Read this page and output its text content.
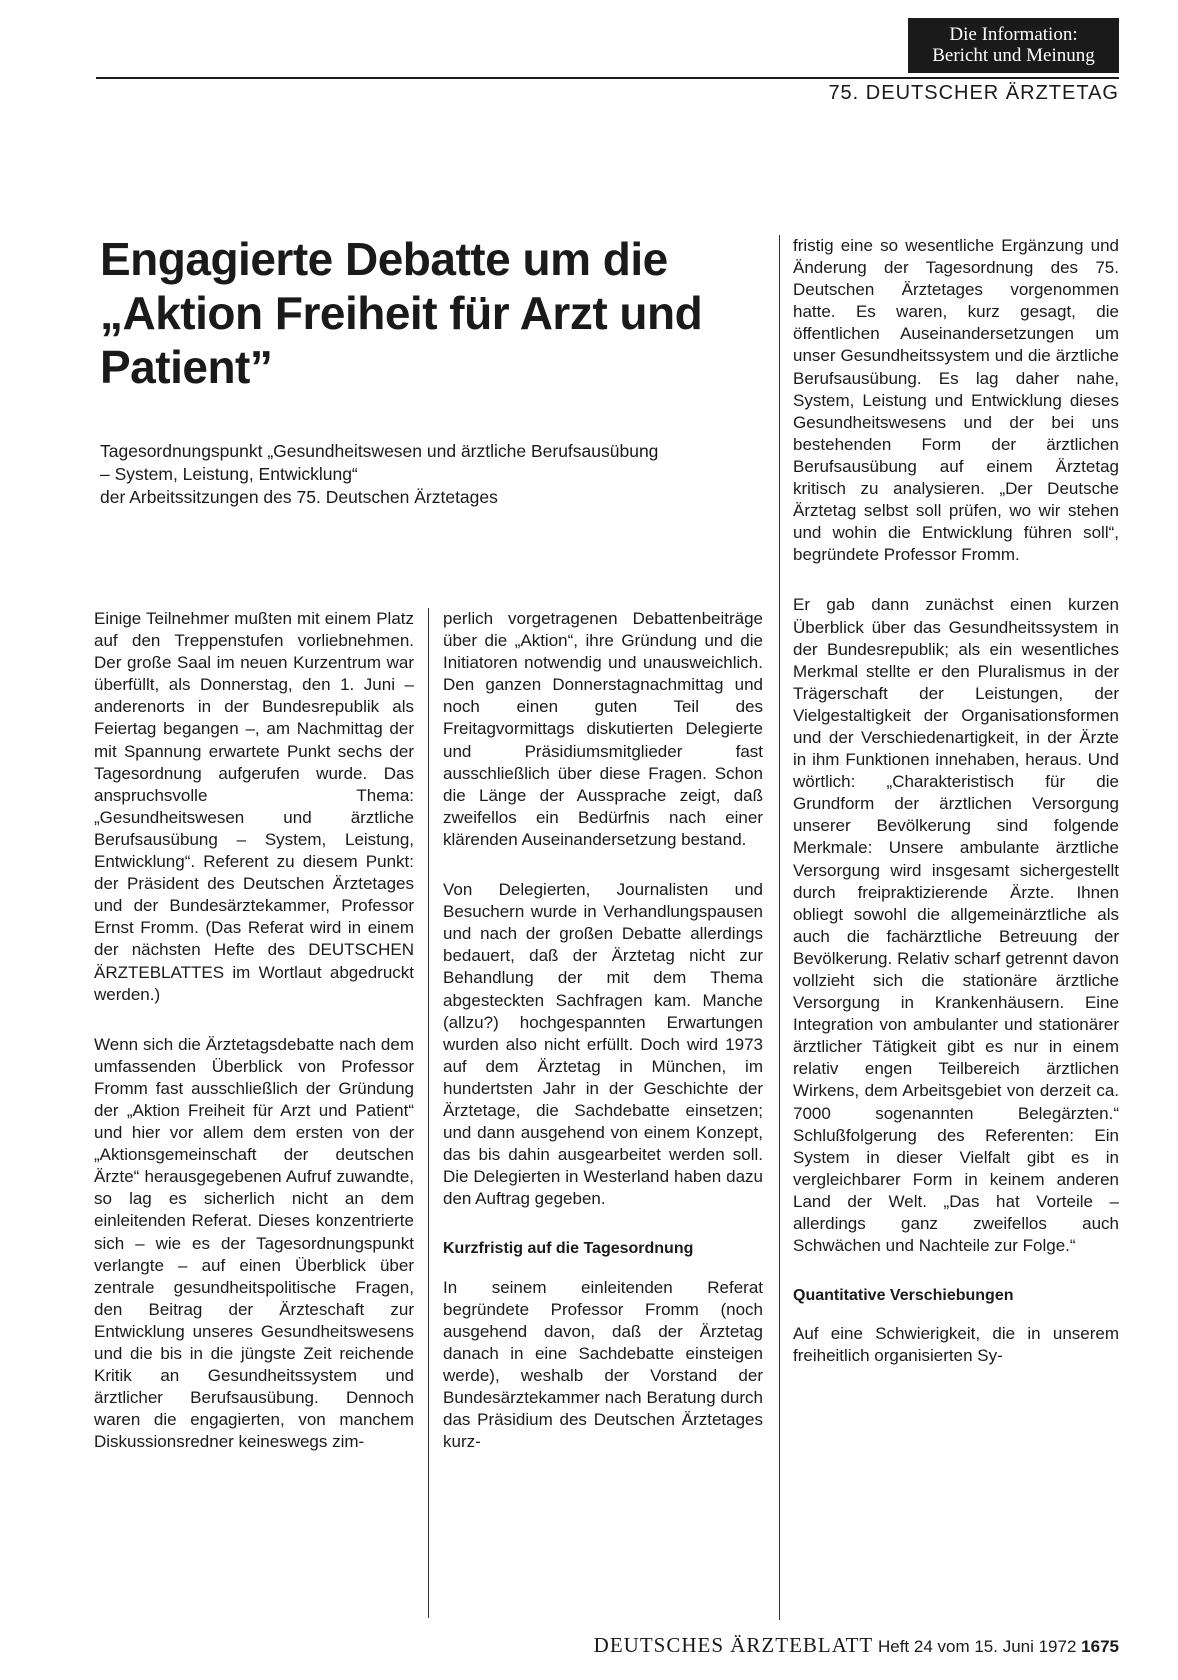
Die Information:
Bericht und Meinung
75. DEUTSCHER ÄRZTETAG
Engagierte Debatte um die „Aktion Freiheit für Arzt und Patient”
Tagesordnungspunkt „Gesundheitswesen und ärztliche Berufsausübung
– System, Leistung, Entwicklung“
der Arbeitssitzungen des 75. Deutschen Ärztetages

Einige Teilnehmer mußten mit einem Platz auf den Treppenstufen vorliebnehmen. Der große Saal im neuen Kurzentrum war überfüllt, als Donnerstag, den 1. Juni – anderenorts in der Bundesrepublik als Feiertag begangen –, am Nachmittag der mit Spannung erwartete Punkt sechs der Tagesordnung aufgerufen wurde. Das anspruchsvolle Thema: „Gesundheitswesen und ärztliche Berufsausübung – System, Leistung, Entwicklung“. Referent zu diesem Punkt: der Präsident des Deutschen Ärztetages und der Bundesärztekammer, Professor Ernst Fromm. (Das Referat wird in einem der nächsten Hefte des DEUTSCHEN ÄRZTEBLATTES im Wortlaut abgedruckt werden.)

Wenn sich die Ärztetagsdebatte nach dem umfassenden Überblick von Professor Fromm fast ausschließlich der Gründung der „Aktion Freiheit für Arzt und Patient“ und hier vor allem dem ersten von der „Aktionsgemeinschaft der deutschen Ärzte“ herausgegebenen Aufruf zuwandte, so lag es sicherlich nicht an dem einleitenden Referat. Dieses konzentrierte sich – wie es der Tagesordnungspunkt verlangte – auf einen Überblick über zentrale gesundheitspolitische Fragen, den Beitrag der Ärzteschaft zur Entwicklung unseres Gesundheitswesens und die bis in die jüngste Zeit reichende Kritik an Gesundheitssystem und ärztlicher Berufsausübung. Dennoch waren die engagierten, von manchem Diskussionsredner keineswegs zim-

perlich vorgetragenen Debattenbeiträge über die „Aktion“, ihre Gründung und die Initiatoren notwendig und unausweichlich. Den ganzen Donnerstagnachmittag und noch einen guten Teil des Freitagvormittags diskutierten Delegierte und Präsidiumsmitglieder fast ausschließlich über diese Fragen. Schon die Länge der Aussprache zeigt, daß zweifellos ein Bedürfnis nach einer klärenden Auseinandersetzung bestand.

Von Delegierten, Journalisten und Besuchern wurde in Verhandlungspausen und nach der großen Debatte allerdings bedauert, daß der Ärztetag nicht zur Behandlung der mit dem Thema abgesteckten Sachfragen kam. Manche (allzu?) hochgespannten Erwartungen wurden also nicht erfüllt. Doch wird 1973 auf dem Ärztetag in München, im hundertsten Jahr in der Geschichte der Ärztetage, die Sachdebatte einsetzen; und dann ausgehend von einem Konzept, das bis dahin ausgearbeitet werden soll. Die Delegierten in Westerland haben dazu den Auftrag gegeben.

Kurzfristig auf die Tagesordnung

In seinem einleitenden Referat begründete Professor Fromm (noch ausgehend davon, daß der Ärztetag danach in eine Sachdebatte einsteigen werde), weshalb der Vorstand der Bundesärztekammer nach Beratung durch das Präsidium des Deutschen Ärztetages kurz-

fristig eine so wesentliche Ergänzung und Änderung der Tagesordnung des 75. Deutschen Ärztetages vorgenommen hatte. Es waren, kurz gesagt, die öffentlichen Auseinandersetzungen um unser Gesundheitssystem und die ärztliche Berufsausübung. Es lag daher nahe, System, Leistung und Entwicklung dieses Gesundheitswesens und der bei uns bestehenden Form der ärztlichen Berufsausübung auf einem Ärztetag kritisch zu analysieren. „Der Deutsche Ärztetag selbst soll prüfen, wo wir stehen und wohin die Entwicklung führen soll“, begründete Professor Fromm.

Er gab dann zunächst einen kurzen Überblick über das Gesundheitssystem in der Bundesrepublik; als ein wesentliches Merkmal stellte er den Pluralismus in der Trägerschaft der Leistungen, der Vielgestaltigkeit der Organisationsformen und der Verschiedenartigkeit, in der Ärzte in ihm Funktionen innehaben, heraus. Und wörtlich: „Charakteristisch für die Grundform der ärztlichen Versorgung unserer Bevölkerung sind folgende Merkmale: Unsere ambulante ärztliche Versorgung wird insgesamt sichergestellt durch freipraktizierende Ärzte. Ihnen obliegt sowohl die allgemeinärztliche als auch die fachärztliche Betreuung der Bevölkerung. Relativ scharf getrennt davon vollzieht sich die stationäre ärztliche Versorgung in Krankenhäusern. Eine Integration von ambulanter und stationärer ärztlicher Tätigkeit gibt es nur in einem relativ engen Teilbereich ärztlichen Wirkens, dem Arbeitsgebiet von derzeit ca. 7000 sogenannten Belegärzten.“ Schlußfolgerung des Referenten: Ein System in dieser Vielfalt gibt es in vergleichbarer Form in keinem anderen Land der Welt. „Das hat Vorteile – allerdings ganz zweifellos auch Schwächen und Nachteile zur Folge.“

Quantitative Verschiebungen

Auf eine Schwierigkeit, die in unserem freiheitlich organisierten Sy-

DEUTSCHES ÄRZTEBLATT Heft 24 vom 15. Juni 1972 1675
